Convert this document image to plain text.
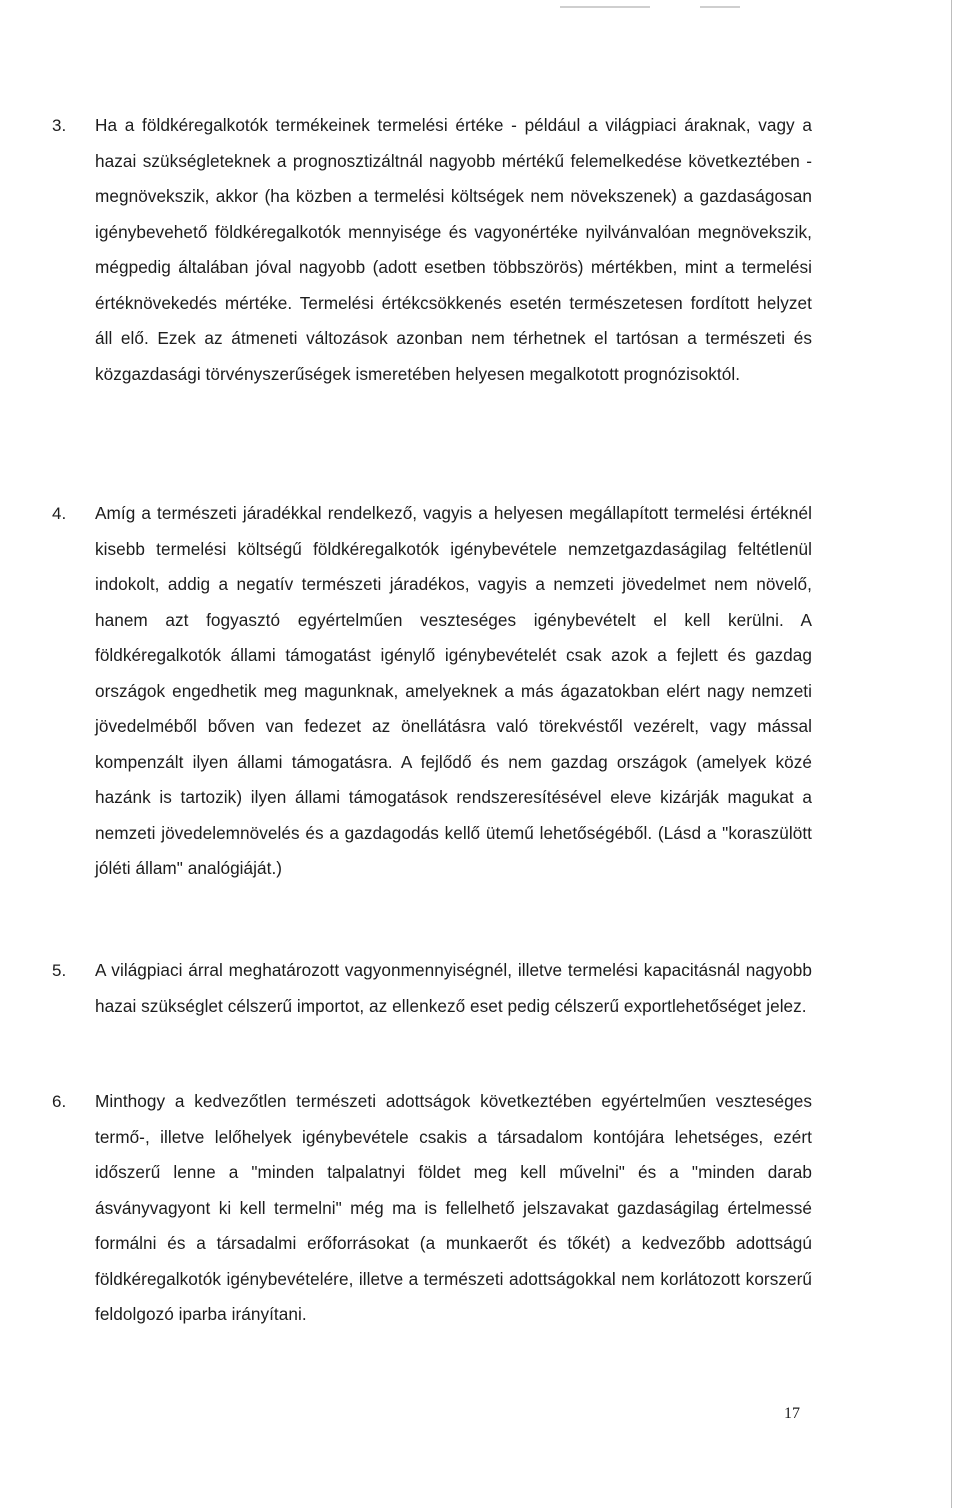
3. Ha a földkéregalkotók termékeinek termelési értéke - például a világpiaci áraknak, vagy a hazai szükségleteknek a prognosztizáltnál nagyobb mértékű felemelkedése következtében - megnövekszik, akkor (ha közben a termelési költségek nem növekszenek) a gazdaságosan igénybevehető földkéregalkotók mennyisége és vagyonértéke nyilvánvalóan megnövekszik, mégpedig általában jóval nagyobb (adott esetben többszörös) mértékben, mint a termelési értéknövekedés mértéke. Termelési értékcsökkenés esetén természetesen fordított helyzet áll elő. Ezek az átmeneti változások azonban nem térhetnek el tartósan a természeti és közgazdasági törvényszerűségek ismeretében helyesen megalkotott prognózisoktól.
4. Amíg a természeti járadékkal rendelkező, vagyis a helyesen megállapított termelési értéknél kisebb termelési költségű földkéregalkotók igénybevétele nemzetgazdaságilag feltétlenül indokolt, addig a negatív természeti járadékos, vagyis a nemzeti jövedelmet nem növelő, hanem azt fogyasztó egyértelműen veszteséges igénybevételt el kell kerülni. A földkéregalkotók állami támogatást igénylő igénybevételét csak azok a fejlett és gazdag országok engedhetik meg magunknak, amelyeknek a más ágazatokban elért nagy nemzeti jövedelméből bőven van fedezet az önellátásra való törekvéstől vezérelt, vagy mással kompenzált ilyen állami támogatásra. A fejlődő és nem gazdag országok (amelyek közé hazánk is tartozik) ilyen állami támogatások rendszeresítésével eleve kizárják magukat a nemzeti jövedelemnövelés és a gazdagodás kellő ütemű lehetőségéből. (Lásd a "koraszülött jóléti állam" analógiáját.)
5. A világpiaci árral meghatározott vagyonmennyiségnél, illetve termelési kapacitásnál nagyobb hazai szükséglet célszerű importot, az ellenkező eset pedig célszerű exportlehetőséget jelez.
6. Minthogy a kedvezőtlen természeti adottságok következtében egyértelműen veszteséges termő-, illetve lelőhelyek igénybevétele csakis a társadalom kontójára lehetséges, ezért időszerű lenne a "minden talpalatnyi földet meg kell művelni" és a "minden darab ásványvagyont ki kell termelni" még ma is fellelhető jelszavakat gazdaságilag értelmessé formálni és a társadalmi erőforrásokat (a munkaerőt és tőkét) a kedvezőbb adottságú földkéregalkotók igénybevételére, illetve a természeti adottságokkal nem korlátozott korszerű feldolgozó iparba irányítani.
17
